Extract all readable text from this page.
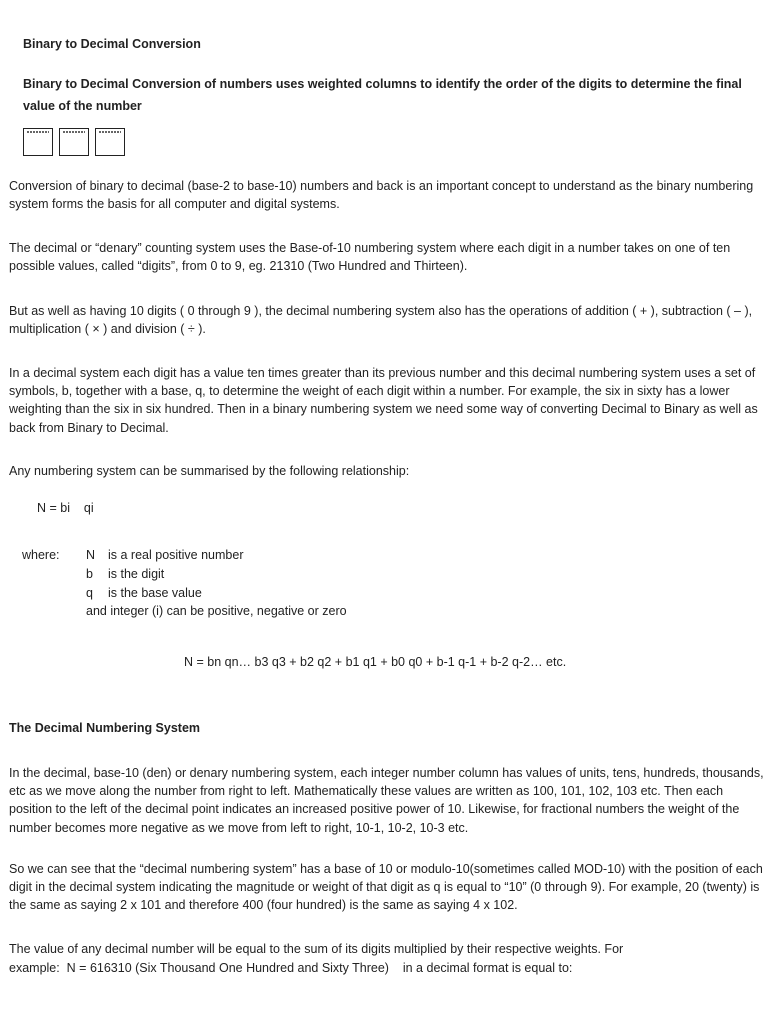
Binary to Decimal Conversion
Binary to Decimal Conversion of numbers uses weighted columns to identify the order of the digits to determine the final
value of the number
Conversion of binary to decimal (base-2 to base-10) numbers and back is an important concept to understand as the binary numbering system forms the basis for all computer and digital systems.
The decimal or “denary” counting system uses the Base-of-10 numbering system where each digit in a number takes on one of ten possible values, called “digits”, from 0 to 9, eg. 21310 (Two Hundred and Thirteen).
But as well as having 10 digits ( 0 through 9 ), the decimal numbering system also has the operations of addition ( + ), subtraction ( – ), multiplication ( × ) and division ( ÷ ).
In a decimal system each digit has a value ten times greater than its previous number and this decimal numbering system uses a set of symbols, b, together with a base, q, to determine the weight of each digit within a number. For example, the six in sixty has a lower weighting than the six in six hundred. Then in a binary numbering system we need some way of converting Decimal to Binary as well as back from Binary to Decimal.
Any numbering system can be summarised by the following relationship:
N = bi    qi
where: N is a real positive number
b is the digit
q is the base value
and integer (i) can be positive, negative or zero
N = bn qn… b3 q3 + b2 q2 + b1 q1 + b0 q0 + b-1 q-1 + b-2 q-2… etc.
The Decimal Numbering System
In the decimal, base-10 (den) or denary numbering system, each integer number column has values of units, tens, hundreds, thousands, etc as we move along the number from right to left. Mathematically these values are written as 100, 101, 102, 103 etc. Then each position to the left of the decimal point indicates an increased positive power of 10. Likewise, for fractional numbers the weight of the number becomes more negative as we move from left to right, 10-1, 10-2, 10-3 etc.
So we can see that the “decimal numbering system” has a base of 10 or modulo-10(sometimes called MOD-10) with the position of each digit in the decimal system indicating the magnitude or weight of that digit as q is equal to “10” (0 through 9). For example, 20 (twenty) is the same as saying 2 x 101 and therefore 400 (four hundred) is the same as saying 4 x 102.
The value of any decimal number will be equal to the sum of its digits multiplied by their respective weights. For
example:  N = 616310 (Six Thousand One Hundred and Sixty Three)    in a decimal format is equal to:
